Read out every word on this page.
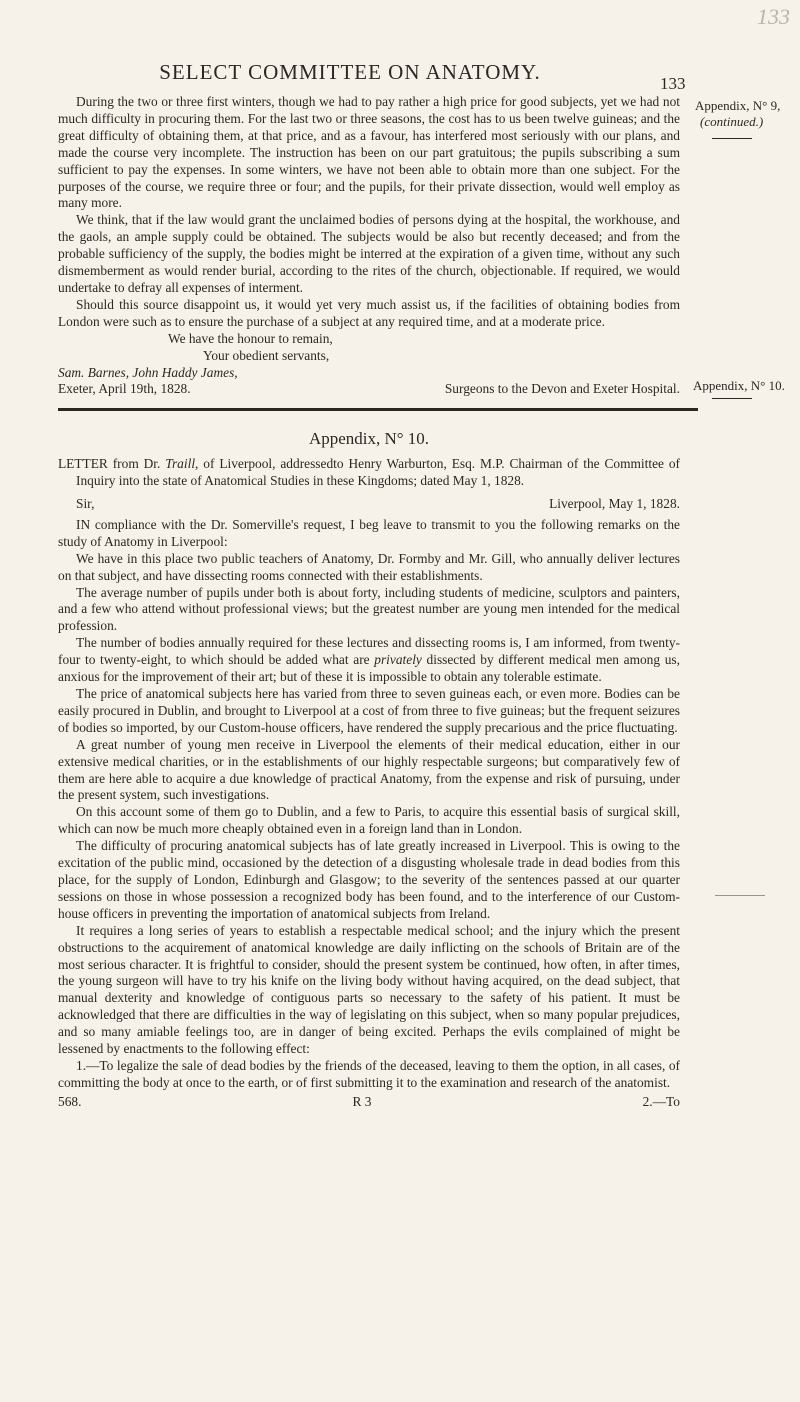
133
SELECT COMMITTEE ON ANATOMY.	133
Appendix, N° 9,
(continued.)
Appendix, N° 10.

During the two or three first winters, though we had to pay rather a high price for good subjects, yet we had not much difficulty in procuring them. For the last two or three seasons, the cost has to us been twelve guineas; and the great difficulty of obtaining them, at that price, and as a favour, has interfered most seriously with our plans, and made the course very incomplete. The instruction has been on our part gratuitous; the pupils subscribing a sum sufficient to pay the expenses. In some winters, we have not been able to obtain more than one subject. For the purposes of the course, we require three or four; and the pupils, for their private dissection, would well employ as many more.

We think, that if the law would grant the unclaimed bodies of persons dying at the hospital, the workhouse, and the gaols, an ample supply could be obtained. The subjects would be also but recently deceased; and from the probable sufficiency of the supply, the bodies might be interred at the expiration of a given time, without any such dismemberment as would render burial, according to the rites of the church, objectionable. If required, we would undertake to defray all expenses of interment.

Should this source disappoint us, it would yet very much assist us, if the facilities of obtaining bodies from London were such as to ensure the purchase of a subject at any required time, and at a moderate price.

We have the honour to remain,

Your obedient servants,

Sam. Barnes, John Haddy James,

Exeter, April 19th, 1828.	Surgeons to the Devon and Exeter Hospital.
Appendix, N° 10.

LETTER from Dr. Traill, of Liverpool, addressedto Henry Warburton, Esq. M.P. Chairman of the Committee of Inquiry into the state of Anatomical Studies in these Kingdoms; dated May 1, 1828.

Sir,	Liverpool, May 1, 1828.

IN compliance with the Dr. Somerville's request, I beg leave to transmit to you the following remarks on the study of Anatomy in Liverpool:

We have in this place two public teachers of Anatomy, Dr. Formby and Mr. Gill, who annually deliver lectures on that subject, and have dissecting rooms connected with their establishments.

The average number of pupils under both is about forty, including students of medicine, sculptors and painters, and a few who attend without professional views; but the greatest number are young men intended for the medical profession.

The number of bodies annually required for these lectures and dissecting rooms is, I am informed, from twenty-four to twenty-eight, to which should be added what are privately dissected by different medical men among us, anxious for the improvement of their art; but of these it is impossible to obtain any tolerable estimate.

The price of anatomical subjects here has varied from three to seven guineas each, or even more. Bodies can be easily procured in Dublin, and brought to Liverpool at a cost of from three to five guineas; but the frequent seizures of bodies so imported, by our Custom-house officers, have rendered the supply precarious and the price fluctuating.

A great number of young men receive in Liverpool the elements of their medical education, either in our extensive medical charities, or in the establishments of our highly respectable surgeons; but comparatively few of them are here able to acquire a due knowledge of practical Anatomy, from the expense and risk of pursuing, under the present system, such investigations.

On this account some of them go to Dublin, and a few to Paris, to acquire this essential basis of surgical skill, which can now be much more cheaply obtained even in a foreign land than in London.

The difficulty of procuring anatomical subjects has of late greatly increased in Liverpool. This is owing to the excitation of the public mind, occasioned by the detection of a disgusting wholesale trade in dead bodies from this place, for the supply of London, Edinburgh and Glasgow; to the severity of the sentences passed at our quarter sessions on those in whose possession a recognized body has been found, and to the interference of our Custom-house officers in preventing the importation of anatomical subjects from Ireland.

It requires a long series of years to establish a respectable medical school; and the injury which the present obstructions to the acquirement of anatomical knowledge are daily inflicting on the schools of Britain are of the most serious character. It is frightful to consider, should the present system be continued, how often, in after times, the young surgeon will have to try his knife on the living body without having acquired, on the dead subject, that manual dexterity and knowledge of contiguous parts so necessary to the safety of his patient. It must be acknowledged that there are difficulties in the way of legislating on this subject, when so many popular prejudices, and so many amiable feelings too, are in danger of being excited. Perhaps the evils complained of might be lessened by enactments to the following effect:

1.—To legalize the sale of dead bodies by the friends of the deceased, leaving to them the option, in all cases, of committing the body at once to the earth, or of first submitting it to the examination and research of the anatomist.

568.	R 3	2.—To
